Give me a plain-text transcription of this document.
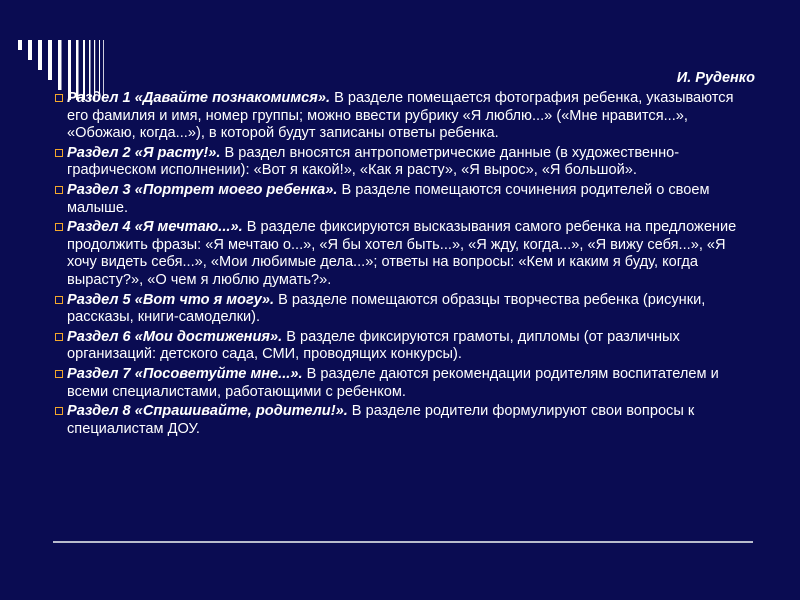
И. Руденко
Раздел 1 «Давайте познакомимся». В разделе помещается фотография ребенка, указываются его фамилия и имя, номер группы; можно ввести рубрику «Я люблю...» («Мне нравится...», «Обожаю, когда...»), в которой будут записаны ответы ребенка.
Раздел 2 «Я расту!». В раздел вносятся антропометрические данные (в художественно-графическом исполнении): «Вот я какой!», «Как я расту», «Я вырос», «Я большой».
Раздел 3 «Портрет моего ребенка». В разделе помещаются сочинения родителей о своем малыше.
Раздел 4 «Я мечтаю...». В разделе фиксируются высказывания самого ребенка на предложение продолжить фразы: «Я мечтаю о...», «Я бы хотел быть...», «Я жду, когда...», «Я вижу себя...», «Я хочу видеть себя...», «Мои любимые дела...»; ответы на вопросы: «Кем и каким я буду, когда вырасту?», «О чем я люблю думать?».
Раздел 5 «Вот что я могу». В разделе помещаются образцы творчества ребенка (рисунки, рассказы, книги-самоделки).
Раздел 6 «Мои достижения». В разделе фиксируются грамоты, дипломы (от различных организаций: детского сада, СМИ, проводящих конкурсы).
Раздел 7 «Посоветуйте мне...». В разделе даются рекомендации родителям воспитателем и всеми специалистами, работающими с ребенком.
Раздел 8 «Спрашивайте, родители!». В разделе родители формулируют свои вопросы к специалистам ДОУ.
